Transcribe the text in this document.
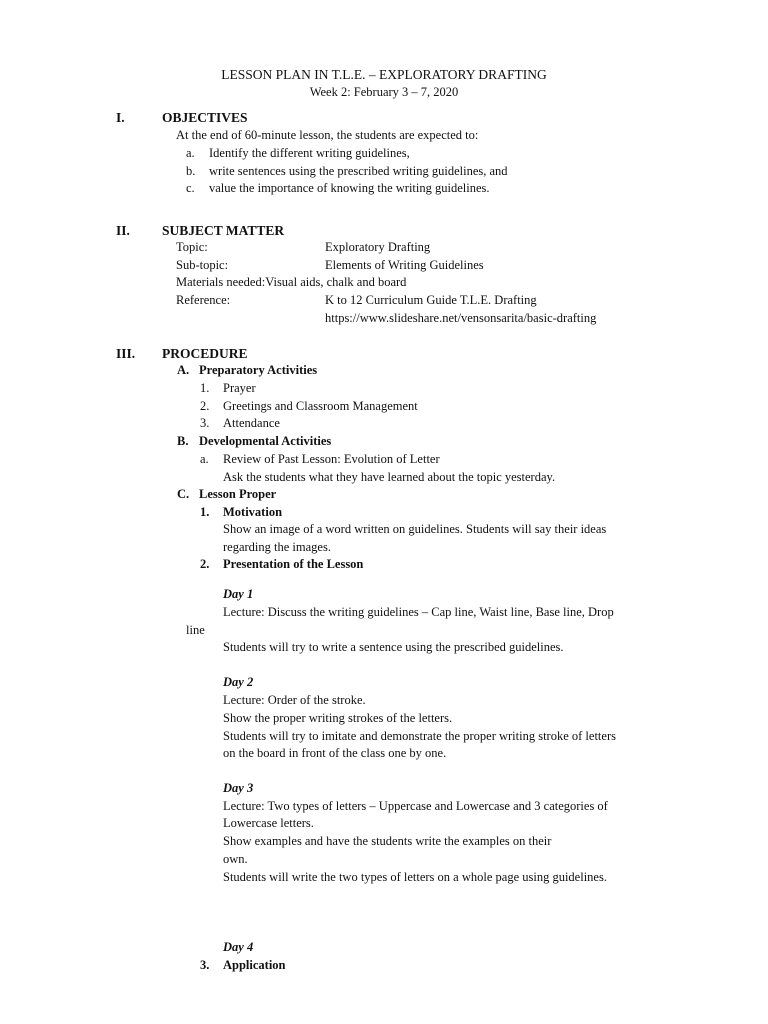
LESSON PLAN IN T.L.E. – EXPLORATORY DRAFTING
Week 2: February 3 – 7, 2020
I.	OBJECTIVES
At the end of 60-minute lesson, the students are expected to:
a. Identify the different writing guidelines,
b. write sentences using the prescribed writing guidelines, and
c. value the importance of knowing the writing guidelines.
II. SUBJECT MATTER
Topic:	Exploratory Drafting
Sub-topic:	Elements of Writing Guidelines
Materials needed:Visual aids, chalk and board
Reference:	K to 12 Curriculum Guide T.L.E. Drafting
https://www.slideshare.net/vensonsarita/basic-drafting
III. PROCEDURE
A. Preparatory Activities
1. Prayer
2. Greetings and Classroom Management
3. Attendance
B. Developmental Activities
a. Review of Past Lesson: Evolution of Letter
Ask the students what they have learned about the topic yesterday.
C. Lesson Proper
1. Motivation
Show an image of a word written on guidelines. Students will say their ideas
regarding the images.
2. Presentation of the Lesson
Day 1
Lecture: Discuss the writing guidelines – Cap line, Waist line, Base line, Drop
line
Students will try to write a sentence using the prescribed guidelines.
Day 2
Lecture: Order of the stroke.
Show the proper writing strokes of the letters.
Students will try to imitate and demonstrate the proper writing stroke of letters
on the board in front of the class one by one.
Day 3
Lecture: Two types of letters – Uppercase and Lowercase and 3 categories of
Lowercase letters.
Show examples and have the students write the examples on their
own.
Students will write the two types of letters on a whole page using guidelines.
Day 4
3. Application
